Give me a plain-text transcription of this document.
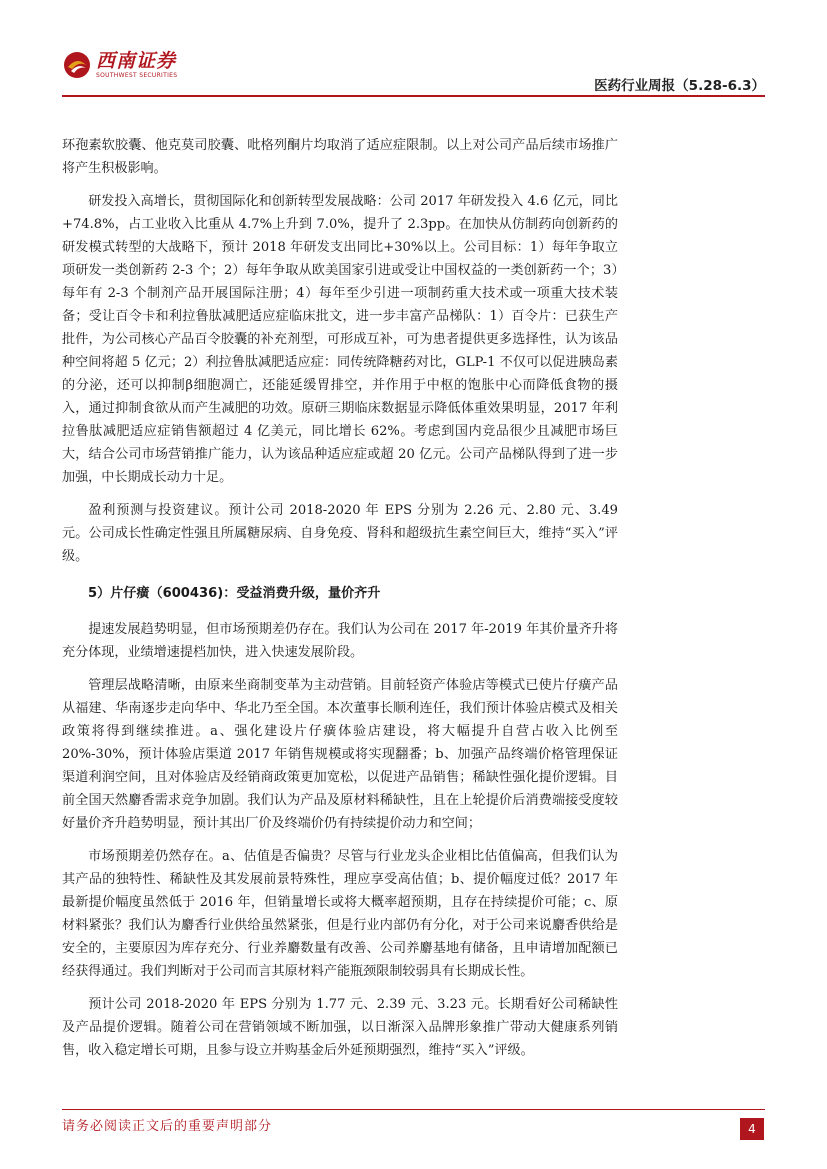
西南证券
SOUTHWEST SECURITIES
医药行业周报（5.28-6.3）

环孢素软胶囊、他克莫司胶囊、吡格列酮片均取消了适应症限制。以上对公司产品后续市场推广将产生积极影响。

研发投入高增长，贯彻国际化和创新转型发展战略：公司 2017 年研发投入 4.6 亿元，同比+74.8%，占工业收入比重从 4.7%上升到 7.0%，提升了 2.3pp。在加快从仿制药向创新药的研发模式转型的大战略下，预计 2018 年研发支出同比+30%以上。公司目标：1）每年争取立项研发一类创新药 2-3 个；2）每年争取从欧美国家引进或受让中国权益的一类创新药一个；3）每年有 2-3 个制剂产品开展国际注册；4）每年至少引进一项制药重大技术或一项重大技术装备；受让百令卡和利拉鲁肽减肥适应症临床批文，进一步丰富产品梯队：1）百令片：已获生产批件，为公司核心产品百令胶囊的补充剂型，可形成互补，可为患者提供更多选择性，认为该品种空间将超 5 亿元；2）利拉鲁肽减肥适应症：同传统降糖药对比，GLP-1 不仅可以促进胰岛素的分泌，还可以抑制β细胞凋亡，还能延缓胃排空，并作用于中枢的饱胀中心而降低食物的摄入，通过抑制食欲从而产生减肥的功效。原研三期临床数据显示降低体重效果明显，2017 年利拉鲁肽减肥适应症销售额超过 4 亿美元，同比增长 62%。考虑到国内竞品很少且减肥市场巨大，结合公司市场营销推广能力，认为该品种适应症或超 20 亿元。公司产品梯队得到了进一步加强，中长期成长动力十足。

盈利预测与投资建议。预计公司 2018-2020 年 EPS 分别为 2.26 元、2.80 元、3.49 元。公司成长性确定性强且所属糖尿病、自身免疫、肾科和超级抗生素空间巨大，维持“买入”评级。

5）片仔癀（600436)：受益消费升级，量价齐升

提速发展趋势明显，但市场预期差仍存在。我们认为公司在 2017 年-2019 年其价量齐升将充分体现，业绩增速提档加快，进入快速发展阶段。

管理层战略清晰，由原来坐商制变革为主动营销。目前轻资产体验店等模式已使片仔癀产品从福建、华南逐步走向华中、华北乃至全国。本次董事长顺利连任，我们预计体验店模式及相关政策将得到继续推进。a、强化建设片仔癀体验店建设，将大幅提升自营占收入比例至 20%-30%，预计体验店渠道 2017 年销售规模或将实现翻番；b、加强产品终端价格管理保证渠道利润空间，且对体验店及经销商政策更加宽松，以促进产品销售；稀缺性强化提价逻辑。目前全国天然麝香需求竞争加剧。我们认为产品及原材料稀缺性，且在上轮提价后消费端接受度较好量价齐升趋势明显，预计其出厂价及终端价仍有持续提价动力和空间；

市场预期差仍然存在。a、估值是否偏贵？尽管与行业龙头企业相比估值偏高，但我们认为其产品的独特性、稀缺性及其发展前景特殊性，理应享受高估值；b、提价幅度过低？2017 年最新提价幅度虽然低于 2016 年，但销量增长或将大概率超预期，且存在持续提价可能；c、原材料紧张？我们认为麝香行业供给虽然紧张，但是行业内部仍有分化，对于公司来说麝香供给是安全的，主要原因为库存充分、行业养麝数量有改善、公司养麝基地有储备，且申请增加配额已经获得通过。我们判断对于公司而言其原材料产能瓶颈限制较弱具有长期成长性。

预计公司 2018-2020 年 EPS 分别为 1.77 元、2.39 元、3.23 元。长期看好公司稀缺性及产品提价逻辑。随着公司在营销领域不断加强，以日渐深入品牌形象推广带动大健康系列销售，收入稳定增长可期，且参与设立并购基金后外延预期强烈，维持“买入”评级。

请务必阅读正文后的重要声明部分	4
